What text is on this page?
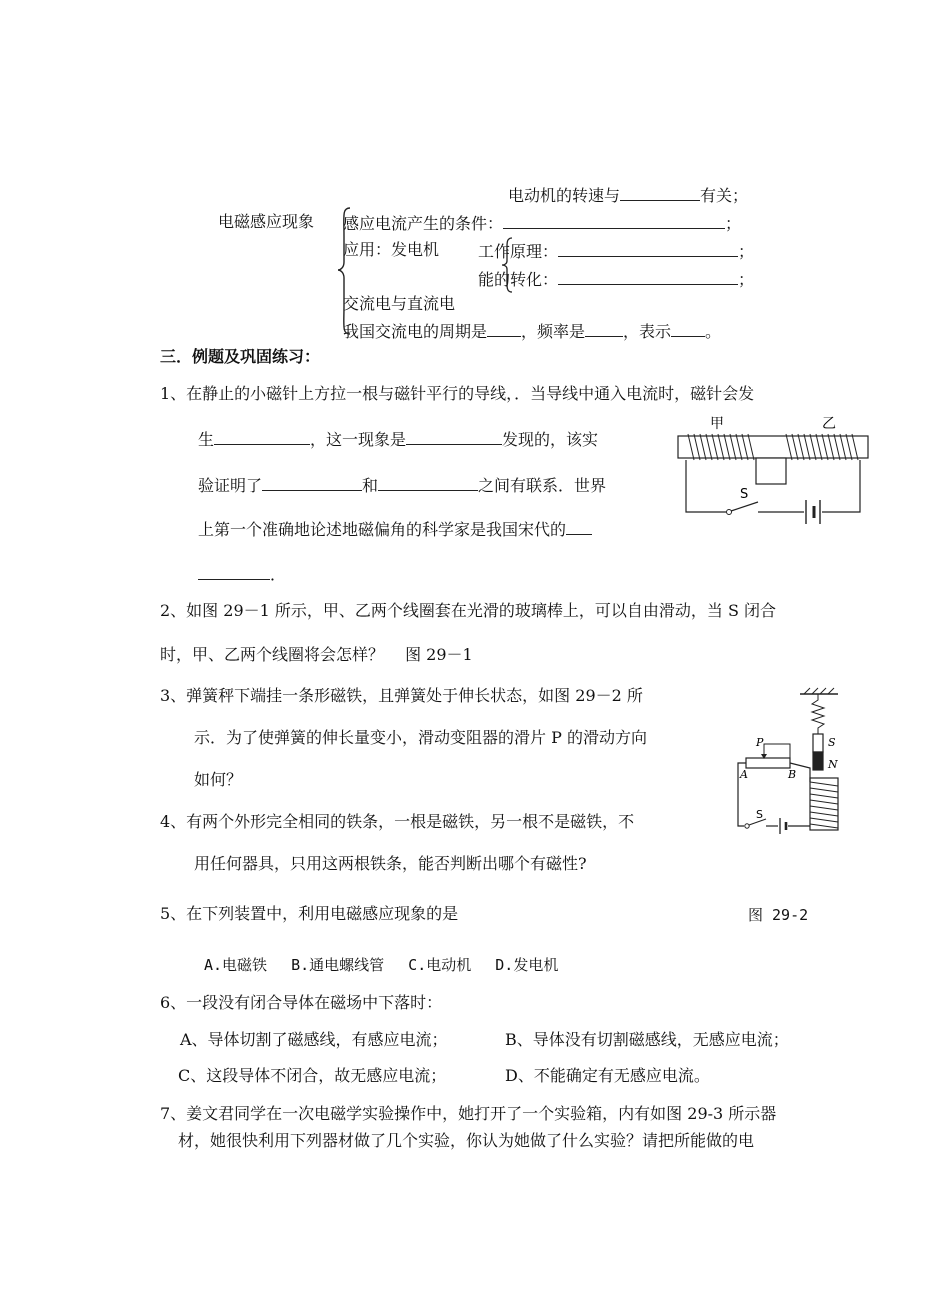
电动机的转速与	有关；
电磁感应现象 感应电流产生的条件：	；
应用：发电机 工作原理：	；
能的转化：	；
交流电与直流电
我国交流电的周期是 ，频率是 ，表示 。
三．例题及巩固练习：
1、在静止的小磁针上方拉一根与磁针平行的导线，．当导线中通入电流时，磁针会发
生	，这一现象是	发现的，该实
验证明了	和	之间有联系．世界
上第一个准确地论述地磁偏角的科学家是我国宋代的
．
甲	乙
S
2、如图 29－1 所示，甲、乙两个线圈套在光滑的玻璃棒上，可以自由滑动，当 S 闭合
时，甲、乙两个线圈将会怎样？　 图 29－1
3、弹簧秤下端挂一条形磁铁，且弹簧处于伸长状态，如图 29－2 所
示．为了使弹簧的伸长量变小，滑动变阻器的滑片 P 的滑动方向
如何？
S
N
P
A	B
S
4、有两个外形完全相同的铁条，一根是磁铁，另一根不是磁铁，不
用任何器具，只用这两根铁条，能否判断出哪个有磁性?
5、在下列装置中，利用电磁感应现象的是	图 29-2
A.电磁铁　 B.通电螺线管　 C.电动机　 D.发电机
6、一段没有闭合导体在磁场中下落时：
A、导体切割了磁感线，有感应电流；	B、导体没有切割磁感线，无感应电流；
C、这段导体不闭合，故无感应电流；	D、不能确定有无感应电流。
7、姜文君同学在一次电磁学实验操作中，她打开了一个实验箱，内有如图 29-3 所示器
材，她很快利用下列器材做了几个实验，你认为她做了什么实验？请把所能做的电
